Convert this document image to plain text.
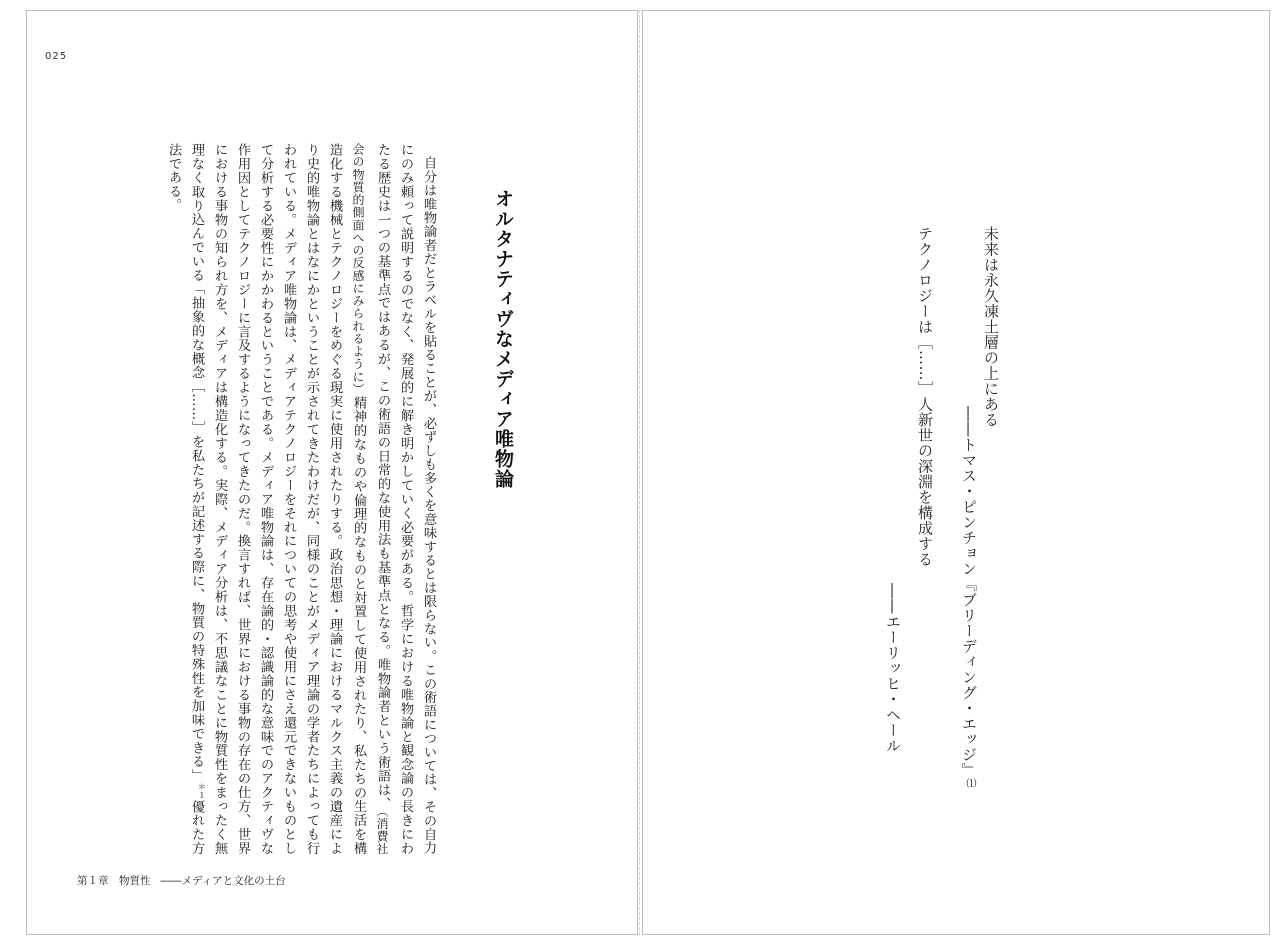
025
オルタナティヴなメディア唯物論

自分は唯物論者だとラベルを貼ることが、必ずしも多くを意味するとは限らない。この術語については、その自力にのみ頼って説明するのでなく、発展的に解き明かしていく必要がある。哲学における唯物論と観念論の長きにわたる歴史は一つの基準点ではあるが、この術語の日常的な使用法も基準点となる。唯物論者という術語は、（消費社会の物質的側面への反感にみられるように）精神的なものや倫理的なものと対置して使用されたり、私たちの生活を構造化する機械とテクノロジーをめぐる現実に使用されたりする。政治思想・理論におけるマルクス主義の遺産により史的唯物論とはなにかということが示されてきたわけだが、同様のことがメディア理論の学者たちによっても行われている。メディア唯物論は、メディアテクノロジーをそれについての思考や使用にさえ還元できないものとして分析する必要性にかかわるということである。メディア唯物論は、存在論的・認識論的な意味でのアクティヴな作用因としてテクノロジーに言及するようになってきたのだ。換言すれば、世界における事物の存在の仕方、世界における事物の知られ方を、メディアは構造化する。実際、メディア分析は、不思議なことに物質性をまったく無理なく取り込んでいる「抽象的な概念［……］を私たちが記述する際に、物質の特殊性を加味できる」$^{*1}$優れた方法である。

第１章　物質性 ――メディアと文化の土台
未来は永久凍土層の上にある
――トマス・ピンチョン『ブリーディング・エッジ』⑴
テクノロジーは［……］人新世の深淵を構成する
――エーリッヒ・ヘール
